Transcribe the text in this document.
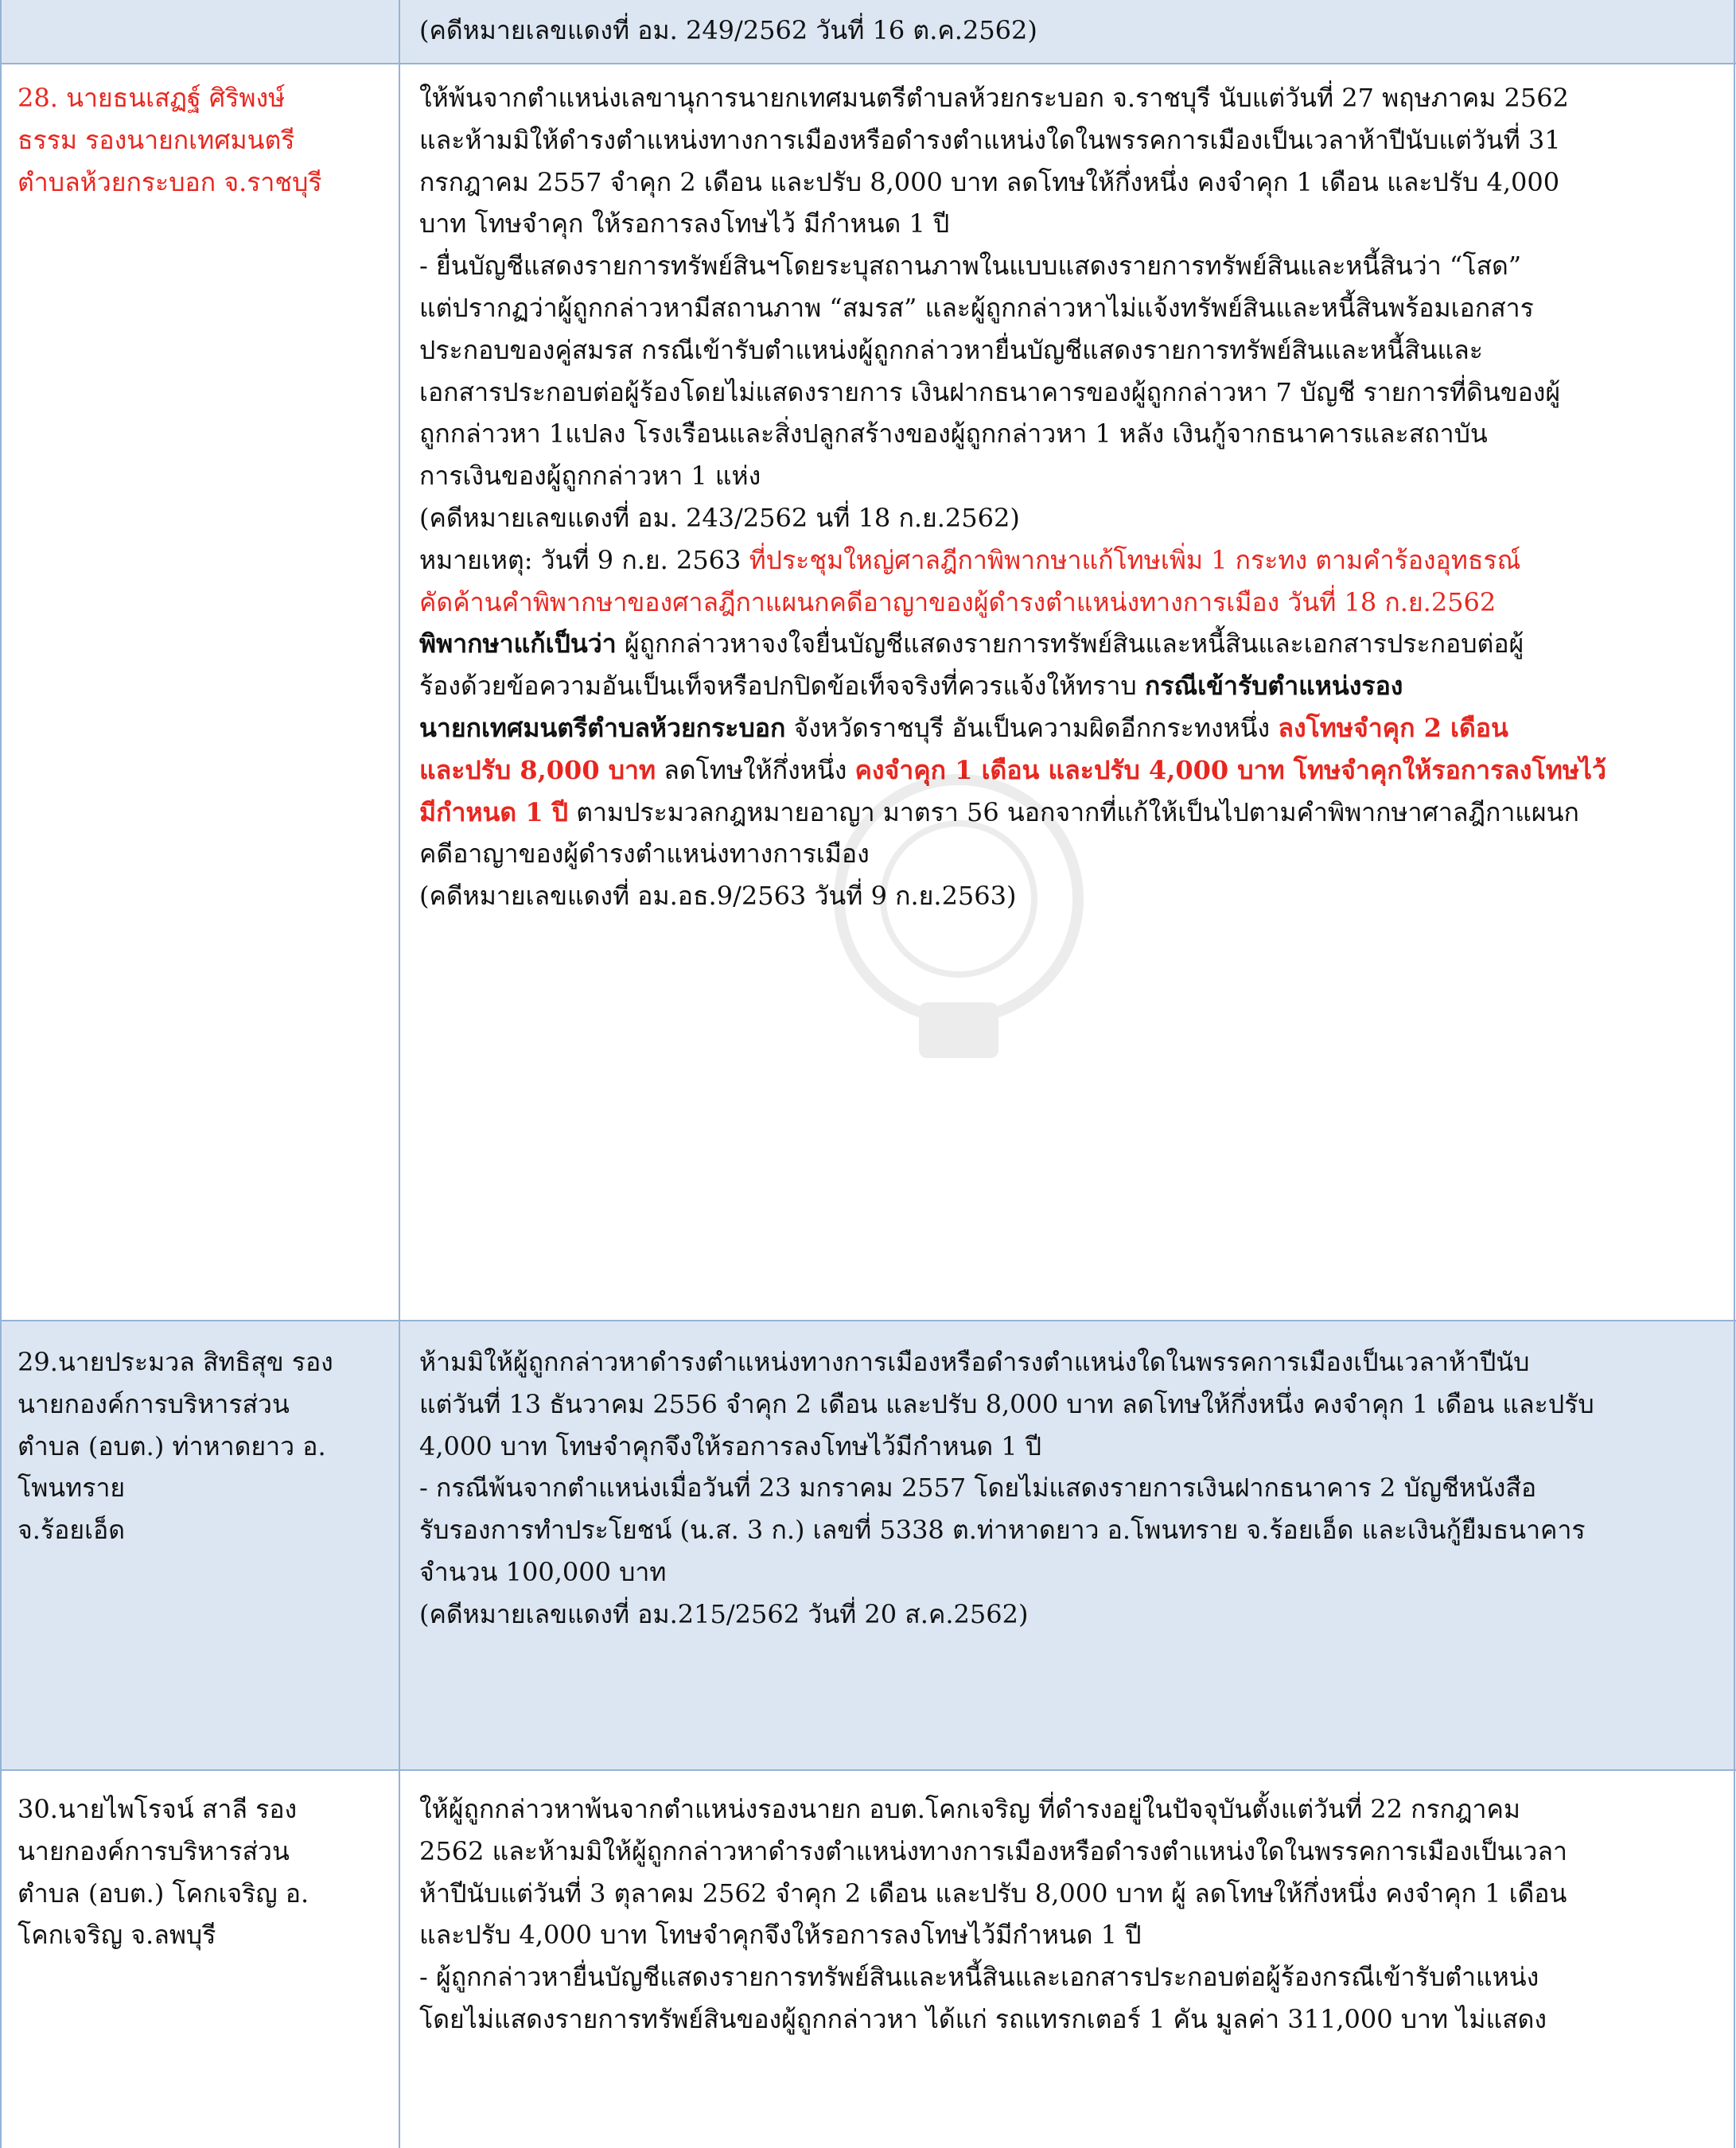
(คดีหมายเลขแดงที่ อม. 249/2562 วันที่ 16 ต.ค.2562)
28. นายธนเสฏฐ์ ศิริพงษ์
ธรรม รองนายกเทศมนตรี
ตำบลห้วยกระบอก จ.ราชบุรี
ให้พ้นจากตำแหน่งเลขานุการนายกเทศมนตรีตำบลห้วยกระบอก จ.ราชบุรี นับแต่วันที่ 27 พฤษภาคม 2562
และห้ามมิให้ดำรงตำแหน่งทางการเมืองหรือดำรงตำแหน่งใดในพรรคการเมืองเป็นเวลาห้าปีนับแต่วันที่ 31
กรกฎาคม 2557 จำคุก 2 เดือน และปรับ 8,000 บาท ลดโทษให้กึ่งหนึ่ง คงจำคุก 1 เดือน และปรับ 4,000
บาท โทษจำคุก ให้รอการลงโทษไว้ มีกำหนด 1 ปี
- ยื่นบัญชีแสดงรายการทรัพย์สินฯโดยระบุสถานภาพในแบบแสดงรายการทรัพย์สินและหนี้สินว่า “โสด”
แต่ปรากฏว่าผู้ถูกกล่าวหามีสถานภาพ “สมรส” และผู้ถูกกล่าวหาไม่แจ้งทรัพย์สินและหนี้สินพร้อมเอกสาร
ประกอบของคู่สมรส กรณีเข้ารับตำแหน่งผู้ถูกกล่าวหายื่นบัญชีแสดงรายการทรัพย์สินและหนี้สินและ
เอกสารประกอบต่อผู้ร้องโดยไม่แสดงรายการ เงินฝากธนาคารของผู้ถูกกล่าวหา 7 บัญชี รายการที่ดินของผู้
ถูกกล่าวหา 1แปลง โรงเรือนและสิ่งปลูกสร้างของผู้ถูกกล่าวหา 1 หลัง เงินกู้จากธนาคารและสถาบัน
การเงินของผู้ถูกกล่าวหา 1 แห่ง
(คดีหมายเลขแดงที่ อม. 243/2562 นที่ 18 ก.ย.2562)
หมายเหตุ: วันที่ 9 ก.ย. 2563 ที่ประชุมใหญ่ศาลฎีกาพิพากษาแก้โทษเพิ่ม 1 กระทง ตามคำร้องอุทธรณ์
คัดค้านคำพิพากษาของศาลฎีกาแผนกคดีอาญาของผู้ดำรงตำแหน่งทางการเมือง วันที่ 18 ก.ย.2562
พิพากษาแก้เป็นว่า ผู้ถูกกล่าวหาจงใจยื่นบัญชีแสดงรายการทรัพย์สินและหนี้สินและเอกสารประกอบต่อผู้
ร้องด้วยข้อความอันเป็นเท็จหรือปกปิดข้อเท็จจริงที่ควรแจ้งให้ทราบ กรณีเข้ารับตำแหน่งรอง
นายกเทศมนตรีตำบลห้วยกระบอก จังหวัดราชบุรี อันเป็นความผิดอีกกระทงหนึ่ง ลงโทษจำคุก 2 เดือน
และปรับ 8,000 บาท ลดโทษให้กึ่งหนึ่ง คงจำคุก 1 เดือน และปรับ 4,000 บาท โทษจำคุกให้รอการลงโทษไว้
มีกำหนด 1 ปี ตามประมวลกฎหมายอาญา มาตรา 56 นอกจากที่แก้ให้เป็นไปตามคำพิพากษาศาลฎีกาแผนก
คดีอาญาของผู้ดำรงตำแหน่งทางการเมือง
(คดีหมายเลขแดงที่ อม.อธ.9/2563 วันที่ 9 ก.ย.2563)
29.นายประมวล สิทธิสุข รอง
นายกองค์การบริหารส่วน
ตำบล (อบต.) ท่าหาดยาว อ.
โพนทราย
จ.ร้อยเอ็ด
ห้ามมิให้ผู้ถูกกล่าวหาดำรงตำแหน่งทางการเมืองหรือดำรงตำแหน่งใดในพรรคการเมืองเป็นเวลาห้าปีนับ
แต่วันที่ 13 ธันวาคม 2556 จำคุก 2 เดือน และปรับ 8,000 บาท ลดโทษให้กึ่งหนึ่ง คงจำคุก 1 เดือน และปรับ
4,000 บาท โทษจำคุกจึงให้รอการลงโทษไว้มีกำหนด 1 ปี
- กรณีพ้นจากตำแหน่งเมื่อวันที่ 23 มกราคม 2557 โดยไม่แสดงรายการเงินฝากธนาคาร 2 บัญชีหนังสือ
รับรองการทำประโยชน์ (น.ส. 3 ก.) เลขที่ 5338 ต.ท่าหาดยาว อ.โพนทราย จ.ร้อยเอ็ด และเงินกู้ยืมธนาคาร
จำนวน 100,000 บาท
(คดีหมายเลขแดงที่ อม.215/2562 วันที่ 20 ส.ค.2562)
30.นายไพโรจน์ สาลี รอง
นายกองค์การบริหารส่วน
ตำบล (อบต.) โคกเจริญ อ.
โคกเจริญ จ.ลพบุรี
ให้ผู้ถูกกล่าวหาพ้นจากตำแหน่งรองนายก อบต.โคกเจริญ ที่ดำรงอยู่ในปัจจุบันตั้งแต่วันที่ 22 กรกฎาคม
2562 และห้ามมิให้ผู้ถูกกล่าวหาดำรงตำแหน่งทางการเมืองหรือดำรงตำแหน่งใดในพรรคการเมืองเป็นเวลา
ห้าปีนับแต่วันที่ 3 ตุลาคม 2562 จำคุก 2 เดือน และปรับ 8,000 บาท ผู้ ลดโทษให้กึ่งหนึ่ง คงจำคุก 1 เดือน
และปรับ 4,000 บาท โทษจำคุกจึงให้รอการลงโทษไว้มีกำหนด 1 ปี
- ผู้ถูกกล่าวหายื่นบัญชีแสดงรายการทรัพย์สินและหนี้สินและเอกสารประกอบต่อผู้ร้องกรณีเข้ารับตำแหน่ง
โดยไม่แสดงรายการทรัพย์สินของผู้ถูกกล่าวหา ได้แก่ รถแทรกเตอร์ 1 คัน มูลค่า 311,000 บาท ไม่แสดง
